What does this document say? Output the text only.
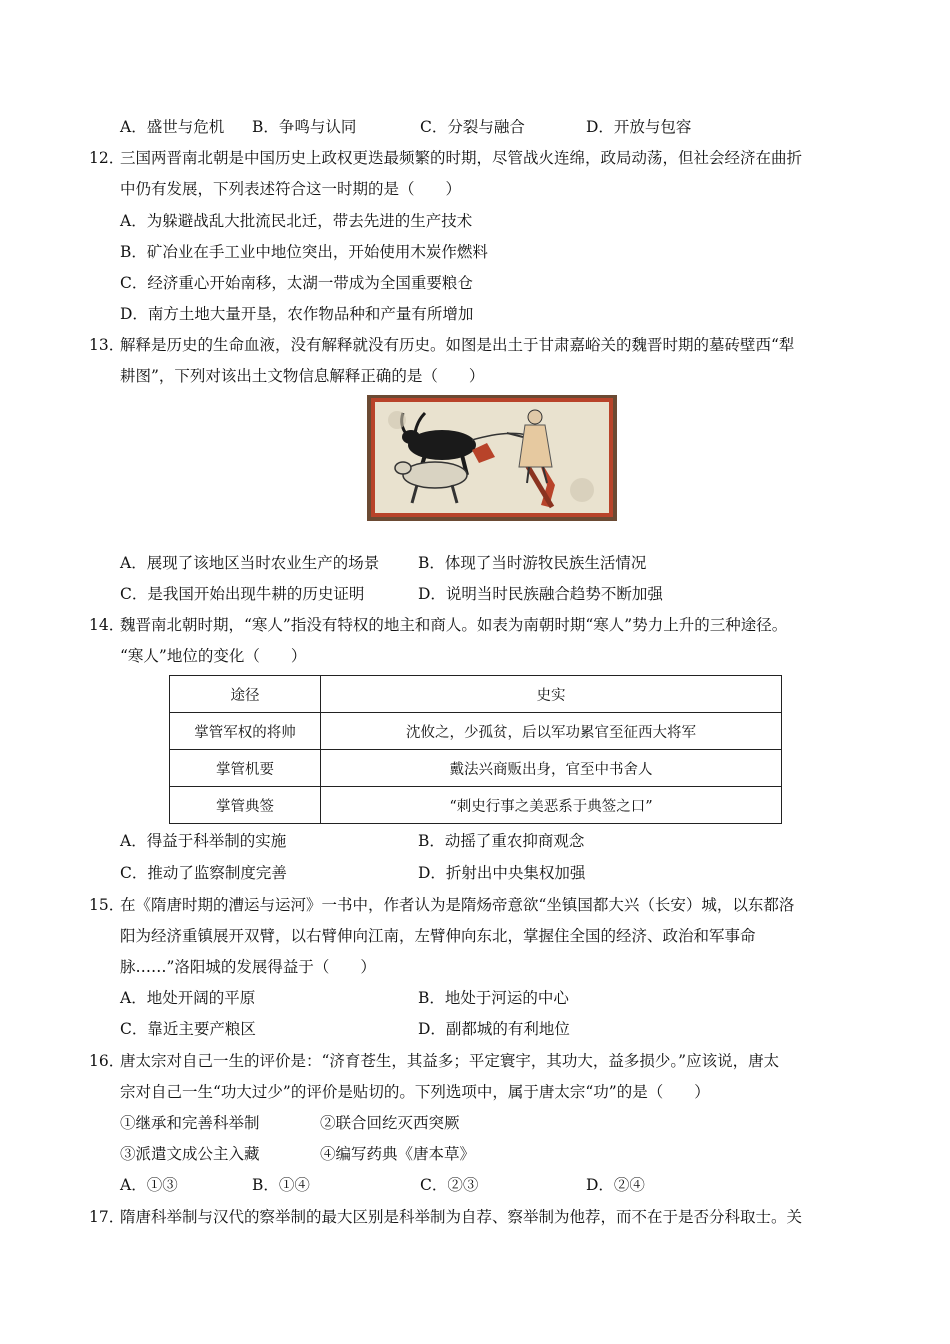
A．盛世与危机 B．争鸣与认同	C．分裂与融合	D．开放与包容
12．
三国两晋南北朝是中国历史上政权更迭最频繁的时期，尽管战火连绵，政局动荡，但社会经济在曲折
中仍有发展，下列表述符合这一时期的是（　　）
A．为躲避战乱大批流民北迁，带去先进的生产技术
B．矿冶业在手工业中地位突出，开始使用木炭作燃料
C．经济重心开始南移，太湖一带成为全国重要粮仓
D．南方土地大量开垦，农作物品种和产量有所增加
13．
解释是历史的生命血液，没有解释就没有历史。如图是出土于甘肃嘉峪关的魏晋时期的墓砖壁西“犁
耕图”，下列对该出土文物信息解释正确的是（　　）
A．展现了该地区当时农业生产的场景	B．体现了当时游牧民族生活情况
C．是我国开始出现牛耕的历史证明	D．说明当时民族融合趋势不断加强
14．
魏晋南北朝时期，“寒人”指没有特权的地主和商人。如表为南朝时期“寒人”势力上升的三种途径。
“寒人”地位的变化（　　）
途径	史实
掌管军权的将帅	沈攸之，少孤贫，后以军功累官至征西大将军
掌管机要	戴法兴商贩出身，官至中书舍人
掌管典签	“刺史行事之美恶系于典签之口”
A．得益于科举制的实施	B．动摇了重农抑商观念
C．推动了监察制度完善	D．折射出中央集权加强
15．
在《隋唐时期的漕运与运河》一书中，作者认为是隋炀帝意欲“坐镇国都大兴（长安）城，以东都洛
阳为经济重镇展开双臂，以右臂伸向江南，左臂伸向东北，掌握住全国的经济、政治和军事命
脉……”洛阳城的发展得益于（　　）
A．地处开阔的平原	B．地处于河运的中心
C．靠近主要产粮区	D．副都城的有利地位
16．
唐太宗对自己一生的评价是：“济育苍生，其益多；平定寰宇，其功大，益多损少。”应该说，唐太
宗对自己一生“功大过少”的评价是贴切的。下列选项中，属于唐太宗“功”的是（　　）
①继承和完善科举制	②联合回纥灭西突厥
③派遣文成公主入藏	④编写药典《唐本草》
A．①③	B．①④	C．②③	D．②④
17．
隋唐科举制与汉代的察举制的最大区别是科举制为自荐、察举制为他荐，而不在于是否分科取士。关
